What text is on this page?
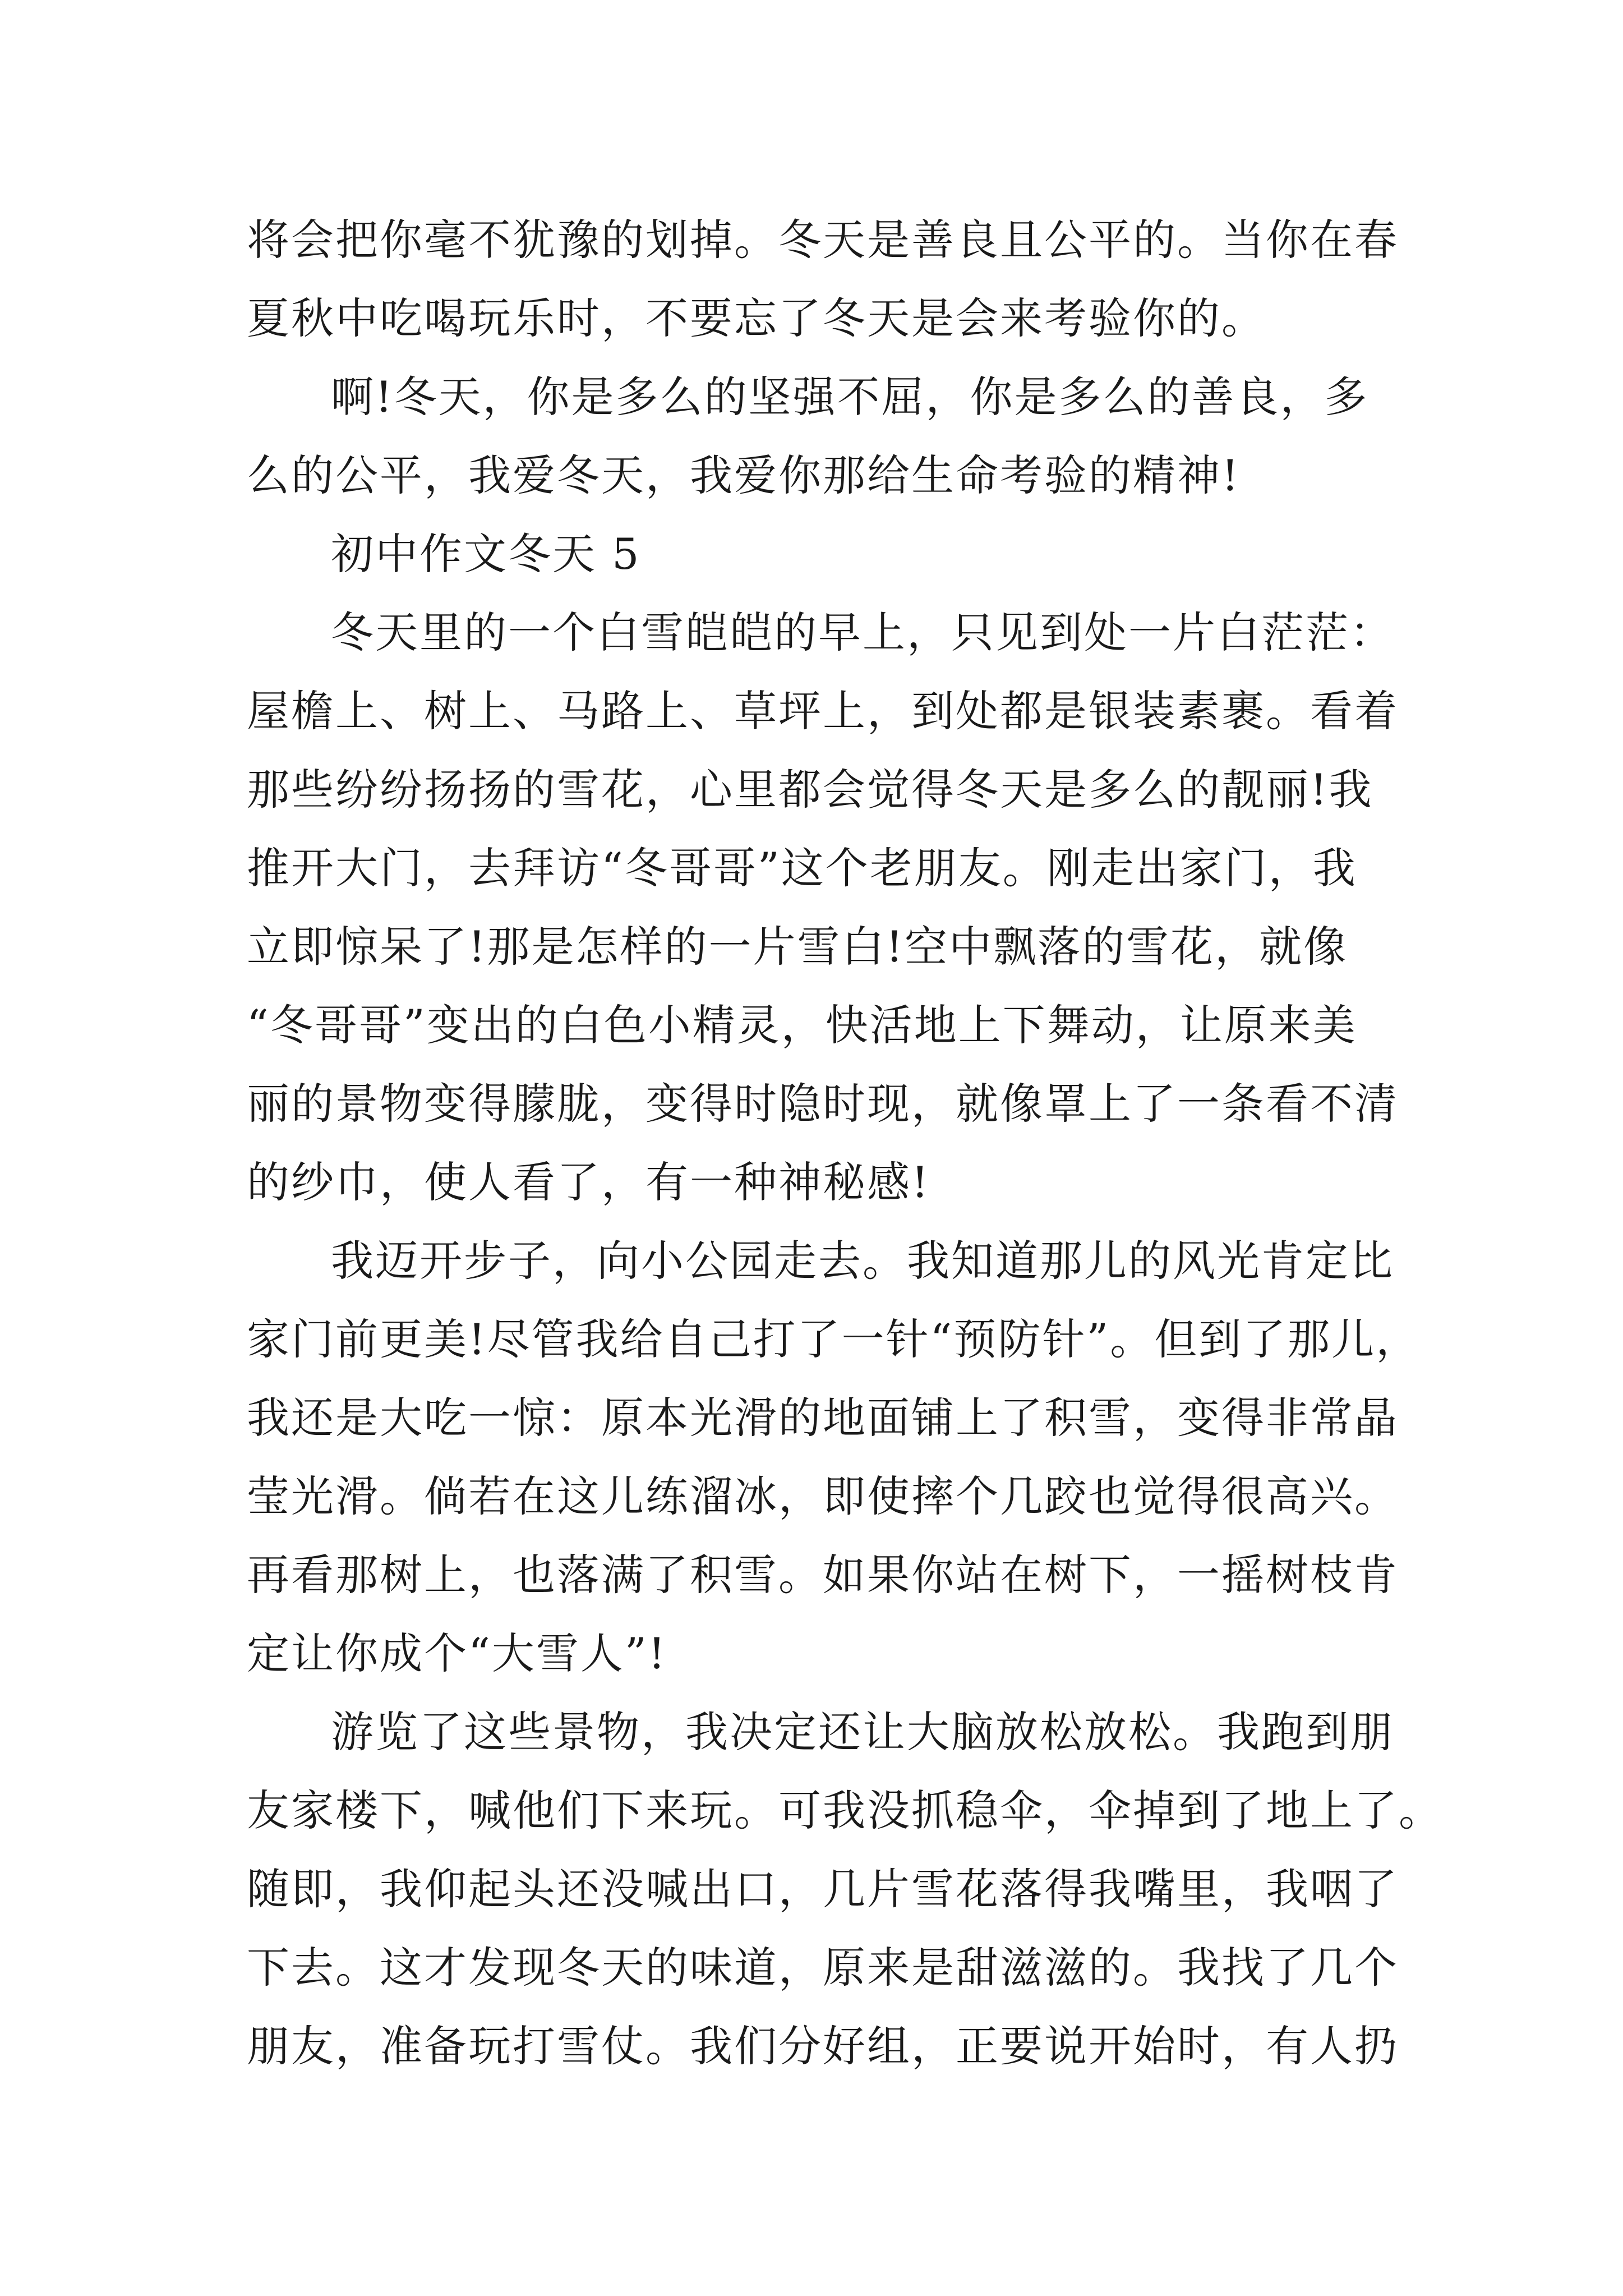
将会把你毫不犹豫的划掉。冬天是善良且公平的。当你在春
夏秋中吃喝玩乐时，不要忘了冬天是会来考验你的。
啊!冬天，你是多么的坚强不屈，你是多么的善良，多
么的公平，我爱冬天，我爱你那给生命考验的精神!
初中作文冬天 5
冬天里的一个白雪皑皑的早上，只见到处一片白茫茫：
屋檐上、树上、马路上、草坪上，到处都是银装素裹。看着
那些纷纷扬扬的雪花，心里都会觉得冬天是多么的靓丽!我
推开大门，去拜访“冬哥哥”这个老朋友。刚走出家门，我
立即惊呆了!那是怎样的一片雪白!空中飘落的雪花，就像
“冬哥哥”变出的白色小精灵，快活地上下舞动，让原来美
丽的景物变得朦胧，变得时隐时现，就像罩上了一条看不清
的纱巾，使人看了，有一种神秘感!
我迈开步子，向小公园走去。我知道那儿的风光肯定比
家门前更美!尽管我给自己打了一针“预防针”。但到了那儿，
我还是大吃一惊：原本光滑的地面铺上了积雪，变得非常晶
莹光滑。倘若在这儿练溜冰，即使摔个几跤也觉得很高兴。
再看那树上，也落满了积雪。如果你站在树下，一摇树枝肯
定让你成个“大雪人”!
游览了这些景物，我决定还让大脑放松放松。我跑到朋
友家楼下，喊他们下来玩。可我没抓稳伞，伞掉到了地上了。
随即，我仰起头还没喊出口，几片雪花落得我嘴里，我咽了
下去。这才发现冬天的味道，原来是甜滋滋的。我找了几个
朋友，准备玩打雪仗。我们分好组，正要说开始时，有人扔
